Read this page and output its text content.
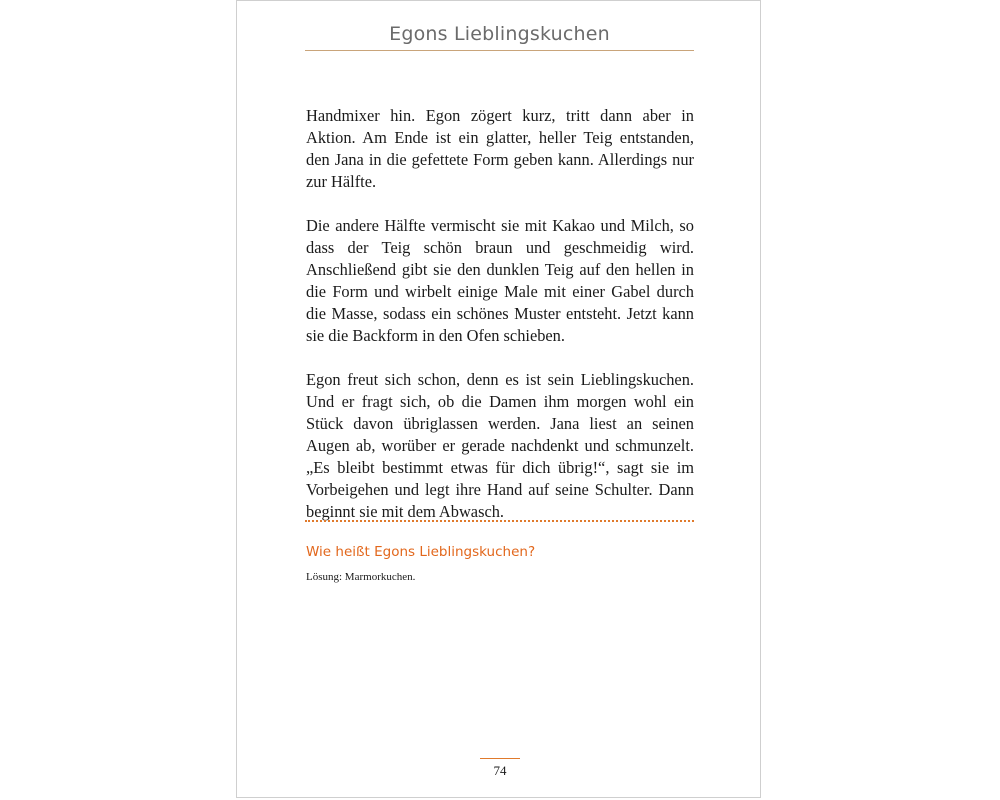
Egons Lieblingskuchen

Handmixer hin. Egon zögert kurz, tritt dann aber in Aktion. Am Ende ist ein glatter, heller Teig entstanden, den Jana in die gefettete Form geben kann. Allerdings nur zur Hälfte.

Die andere Hälfte vermischt sie mit Kakao und Milch, so dass der Teig schön braun und geschmeidig wird. Anschließend gibt sie den dunklen Teig auf den hellen in die Form und wirbelt einige Male mit einer Gabel durch die Masse, sodass ein schönes Muster entsteht. Jetzt kann sie die Backform in den Ofen schieben.

Egon freut sich schon, denn es ist sein Lieblingskuchen. Und er fragt sich, ob die Damen ihm morgen wohl ein Stück davon übriglassen werden. Jana liest an seinen Augen ab, worüber er gerade nachdenkt und schmunzelt. „Es bleibt bestimmt etwas für dich übrig!“, sagt sie im Vorbeigehen und legt ihre Hand auf seine Schulter. Dann beginnt sie mit dem Abwasch.

Wie heißt Egons Lieblingskuchen?
Lösung: Marmorkuchen.
74
